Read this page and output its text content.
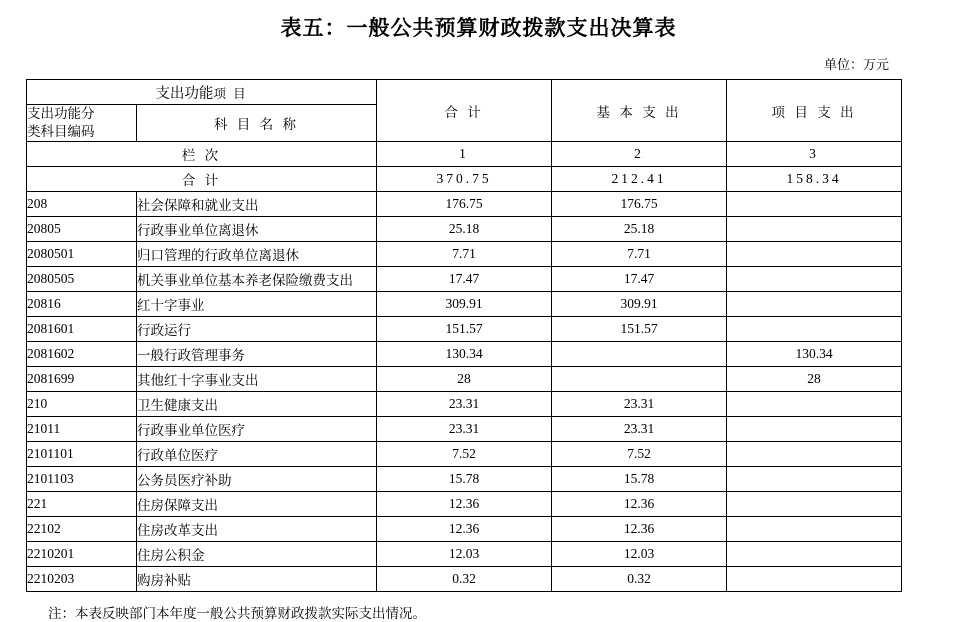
表五：一般公共预算财政拨款支出决算表
单位：万元
支出功能项 目		合 计	基 本 支 出	项 目 支 出

支出功能分
类科目编码	科 目 名 称			
栏 次		1	2	3
合 计		370.75	212.41	158.34
208	社会保障和就业支出	176.75	176.75	
20805	行政事业单位离退休	25.18	25.18	
2080501	归口管理的行政单位离退休	7.71	7.71	
2080505	机关事业单位基本养老保险缴费支出	17.47	17.47	
20816	红十字事业	309.91	309.91	
2081601	行政运行	151.57	151.57	
2081602	一般行政管理事务	130.34		130.34
2081699	其他红十字事业支出	28		28
210	卫生健康支出	23.31	23.31	
21011	行政事业单位医疗	23.31	23.31	
2101101	行政单位医疗	7.52	7.52	
2101103	公务员医疗补助	15.78	15.78	
221	住房保障支出	12.36	12.36	
22102	住房改革支出	12.36	12.36	
2210201	住房公积金	12.03	12.03	
2210203	购房补贴	0.32	0.32	
注：本表反映部门本年度一般公共预算财政拨款实际支出情况。
